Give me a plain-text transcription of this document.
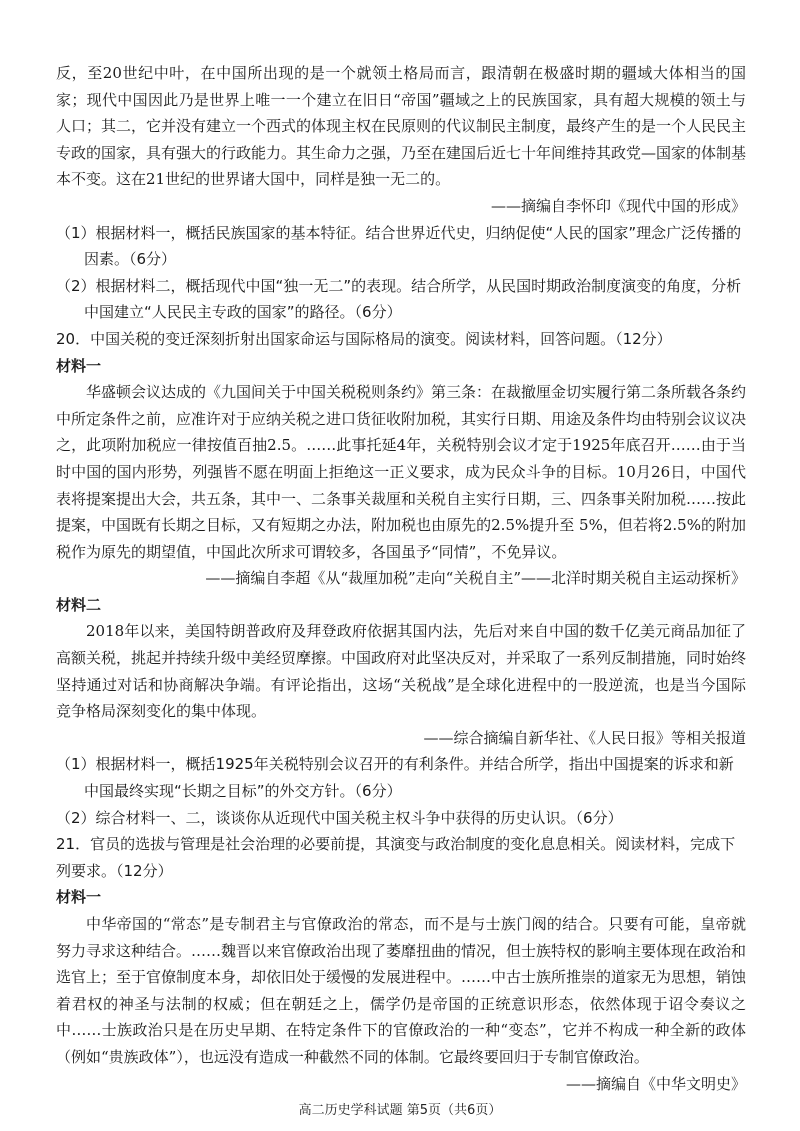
反，至20世纪中叶，在中国所出现的是一个就领土格局而言，跟清朝在极盛时期的疆域大体相当的国家；现代中国因此乃是世界上唯一一个建立在旧日“帝国”疆域之上的民族国家，具有超大规模的领土与人口；其二，它并没有建立一个西式的体现主权在民原则的代议制民主制度，最终产生的是一个人民民主专政的国家，具有强大的行政能力。其生命力之强，乃至在建国后近七十年间维持其政党—国家的体制基本不变。这在21世纪的世界诸大国中，同样是独一无二的。

——摘编自李怀印《现代中国的形成》

（1）根据材料一，概括民族国家的基本特征。结合世界近代史，归纳促使“人民的国家”理念广泛传播的因素。（6分）

（2）根据材料二，概括现代中国“独一无二”的表现。结合所学，从民国时期政治制度演变的角度，分析中国建立“人民民主专政的国家”的路径。（6分）

20．中国关税的变迁深刻折射出国家命运与国际格局的演变。阅读材料，回答问题。（12分）

材料一

华盛顿会议达成的《九国间关于中国关税税则条约》第三条：在裁撤厘金切实履行第二条所载各条约中所定条件之前，应准许对于应纳关税之进口货征收附加税，其实行日期、用途及条件均由特别会议议决之，此项附加税应一律按值百抽2.5。……此事托延4年，关税特别会议才定于1925年底召开……由于当时中国的国内形势，列强皆不愿在明面上拒绝这一正义要求，成为民众斗争的目标。10月26日，中国代表将提案提出大会，共五条，其中一、二条事关裁厘和关税自主实行日期，三、四条事关附加税……按此提案，中国既有长期之目标，又有短期之办法，附加税也由原先的2.5%提升至 5%，但若将2.5%的附加税作为原先的期望值，中国此次所求可谓较多，各国虽予“同情”，不免异议。

——摘编自李超《从“裁厘加税”走向“关税自主”——北洋时期关税自主运动探析》

材料二

2018年以来，美国特朗普政府及拜登政府依据其国内法，先后对来自中国的数千亿美元商品加征了高额关税，挑起并持续升级中美经贸摩擦。中国政府对此坚决反对，并采取了一系列反制措施，同时始终坚持通过对话和协商解决争端。有评论指出，这场“关税战”是全球化进程中的一股逆流，也是当今国际竞争格局深刻变化的集中体现。

——综合摘编自新华社、《人民日报》等相关报道

（1）根据材料一，概括1925年关税特别会议召开的有利条件。并结合所学，指出中国提案的诉求和新中国最终实现“长期之目标”的外交方针。（6分）

（2）综合材料一、二，谈谈你从近现代中国关税主权斗争中获得的历史认识。（6分）

21．官员的选拔与管理是社会治理的必要前提，其演变与政治制度的变化息息相关。阅读材料，完成下列要求。（12分）

材料一

中华帝国的“常态”是专制君主与官僚政治的常态，而不是与士族门阀的结合。只要有可能，皇帝就努力寻求这种结合。……魏晋以来官僚政治出现了萎靡扭曲的情况，但士族特权的影响主要体现在政治和选官上；至于官僚制度本身，却依旧处于缓慢的发展进程中。……中古士族所推崇的道家无为思想，销蚀着君权的神圣与法制的权威；但在朝廷之上，儒学仍是帝国的正统意识形态，依然体现于诏令奏议之中……士族政治只是在历史早期、在特定条件下的官僚政治的一种“变态”，它并不构成一种全新的政体（例如“贵族政体”），也远没有造成一种截然不同的体制。它最终要回归于专制官僚政治。

——摘编自《中华文明史》

高二历史学科试题 第5页（共6页）
